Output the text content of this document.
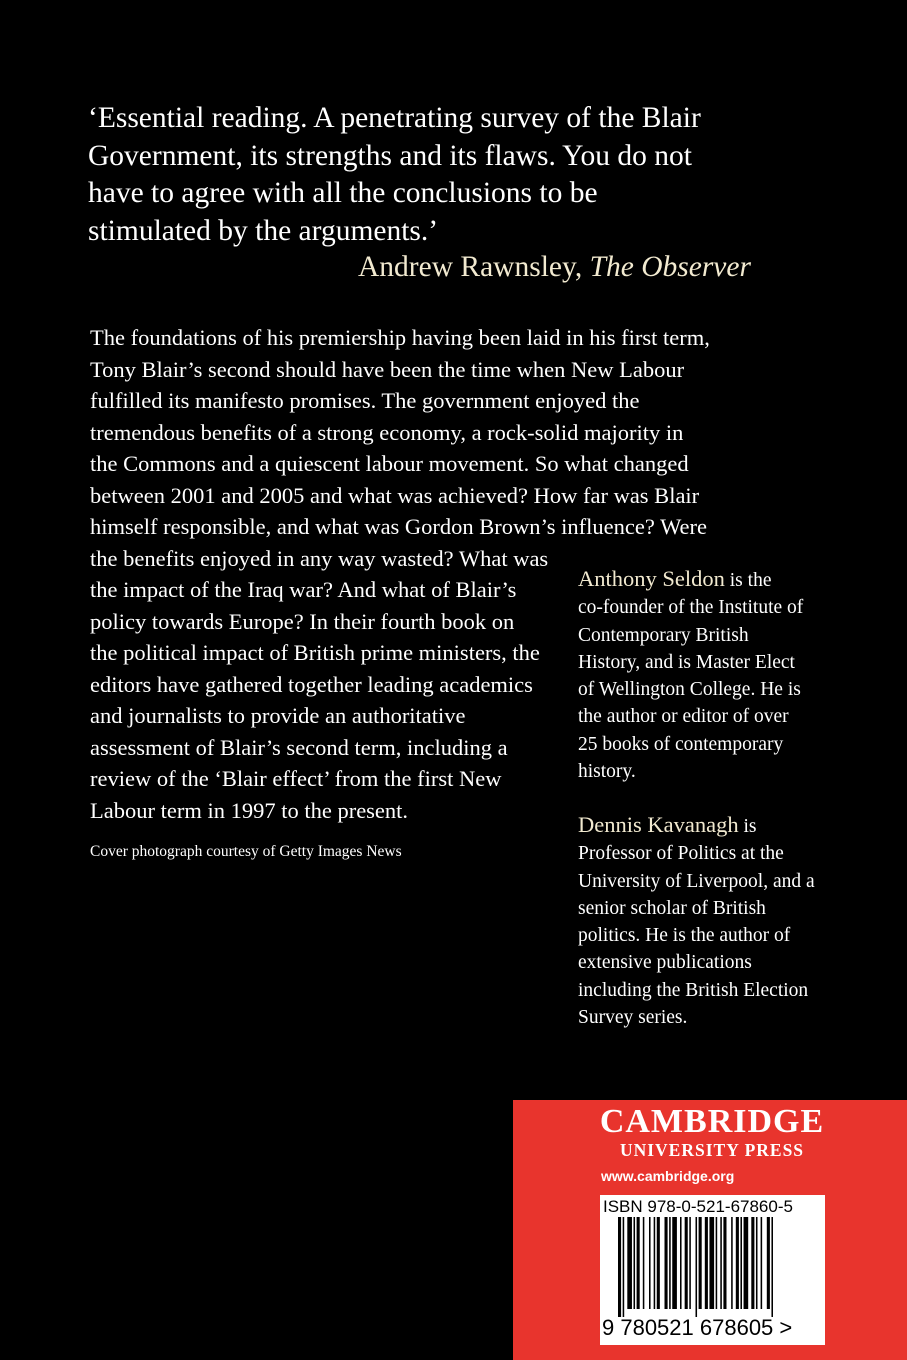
‘Essential reading. A penetrating survey of the Blair
Government, its strengths and its flaws. You do not
have to agree with all the conclusions to be
stimulated by the arguments.’
Andrew Rawnsley, The Observer
The foundations of his premiership having been laid in his first term,
Tony Blair’s second should have been the time when New Labour
fulfilled its manifesto promises. The government enjoyed the
tremendous benefits of a strong economy, a rock-solid majority in
the Commons and a quiescent labour movement. So what changed
between 2001 and 2005 and what was achieved? How far was Blair
himself responsible, and what was Gordon Brown’s influence? Were
the benefits enjoyed in any way wasted? What was
the impact of the Iraq war? And what of Blair’s
policy towards Europe? In their fourth book on
the political impact of British prime ministers, the
editors have gathered together leading academics
and journalists to provide an authoritative
assessment of Blair’s second term, including a
review of the ‘Blair effect’ from the first New
Labour term in 1997 to the present.
Cover photograph courtesy of Getty Images News
Anthony Seldon is the
co-founder of the Institute of
Contemporary British
History, and is Master Elect
of Wellington College. He is
the author or editor of over
25 books of contemporary
history.
Dennis Kavanagh is
Professor of Politics at the
University of Liverpool, and a
senior scholar of British
politics. He is the author of
extensive publications
including the British Election
Survey series.
CAMBRIDGE
UNIVERSITY PRESS
www.cambridge.org
ISBN 978-0-521-67860-5
9 780521 678605 >
